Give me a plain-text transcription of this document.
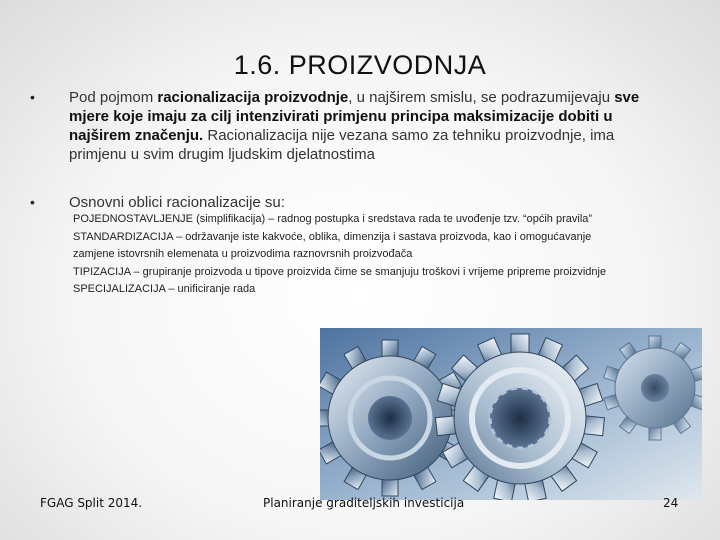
1.6. PROIZVODNJA
• Pod pojmom racionalizacija proizvodnje, u najširem smislu, se podrazumijevaju sve mjere koje imaju za cilj intenzivirati primjenu principa maksimizacije dobiti u najširem značenju. Racionalizacija nije vezana samo za tehniku proizvodnje, ima primjenu u svim drugim ljudskim djelatnostima
• Osnovni oblici racionalizacije su:
POJEDNOSTAVLJENJE (simplifikacija) – radnog postupka i sredstava rada te uvođenje tzv. “općih pravila”
STANDARDIZACIJA – održavanje iste kakvoće, oblika, dimenzija i sastava proizvoda, kao i omogućavanje zamjene istovrsnih elemenata u proizvodima raznovrsnih proizvođača
TIPIZACIJA – grupiranje proizvoda u tipove proizvida čime se smanjuju troškovi i vrijeme pripreme proizvidnje
SPECIJALIZACIJA – unificiranje rada
FGAG Split 2014.	Planiranje graditeljskih investicija	24
